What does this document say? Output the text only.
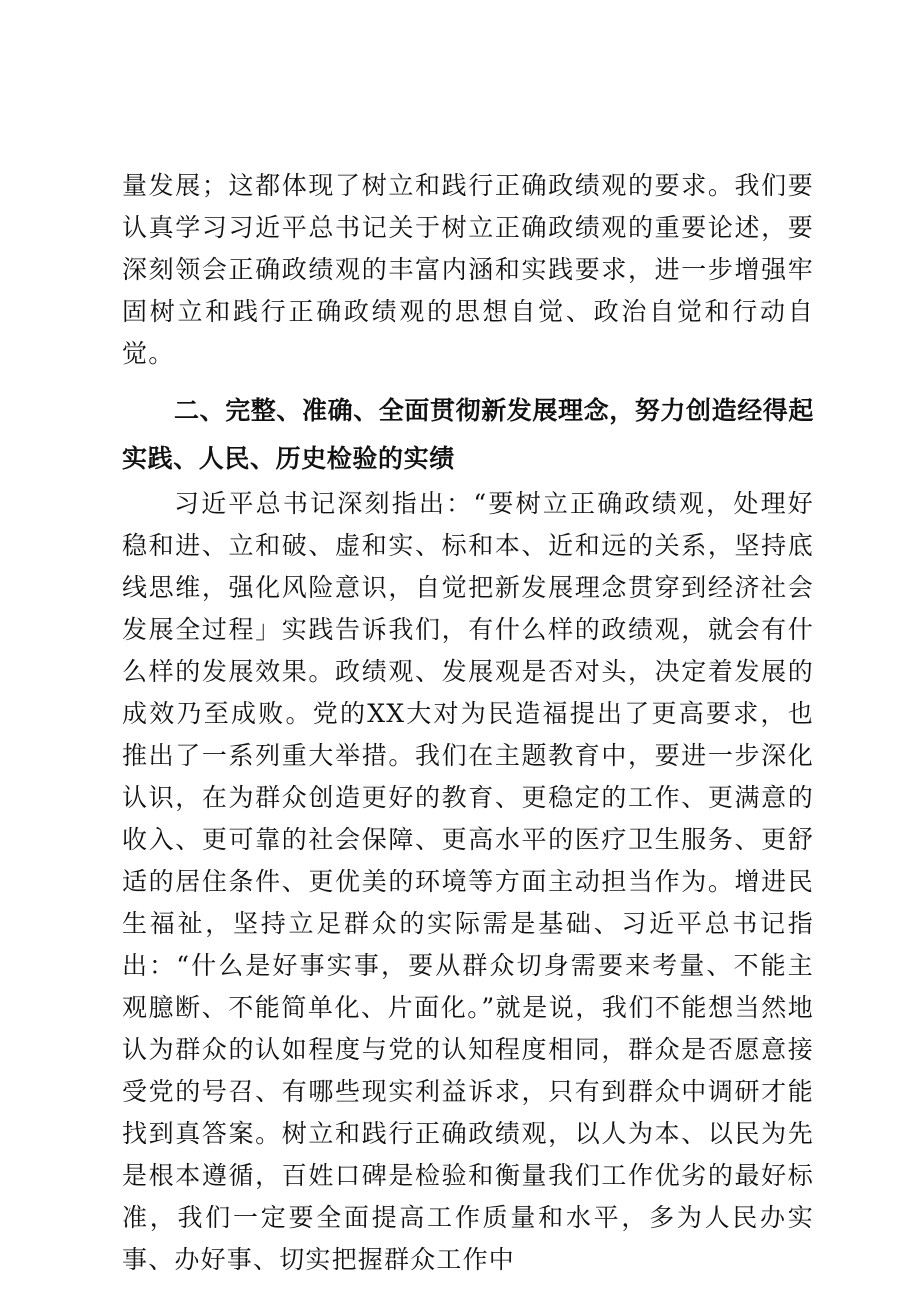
量发展；这都体现了树立和践行正确政绩观的要求。我们要认真学习习近平总书记关于树立正确政绩观的重要论述，要深刻领会正确政绩观的丰富内涵和实践要求，进一步增强牢固树立和践行正确政绩观的思想自觉、政治自觉和行动自觉。

二、完整、准确、全面贯彻新发展理念，努力创造经得起实践、人民、历史检验的实绩

习近平总书记深刻指出：“要树立正确政绩观，处理好稳和进、立和破、虚和实、标和本、近和远的关系，坚持底线思维，强化风险意识，自觉把新发展理念贯穿到经济社会发展全过程」实践告诉我们，有什么样的政绩观，就会有什么样的发展效果。政绩观、发展观是否对头，决定着发展的成效乃至成败。党的XX大对为民造福提出了更高要求，也推出了一系列重大举措。我们在主题教育中，要进一步深化认识，在为群众创造更好的教育、更稳定的工作、更满意的收入、更可靠的社会保障、更高水平的医疗卫生服务、更舒适的居住条件、更优美的环境等方面主动担当作为。增进民生福祉，坚持立足群众的实际需是基础、习近平总书记指出：“什么是好事实事，要从群众切身需要来考量、不能主观臆断、不能简单化、片面化。”就是说，我们不能想当然地认为群众的认如程度与党的认知程度相同，群众是否愿意接受党的号召、有哪些现实利益诉求，只有到群众中调研才能找到真答案。树立和践行正确政绩观，以人为本、以民为先是根本遵循，百姓口碑是检验和衡量我们工作优劣的最好标准，我们一定要全面提高工作质量和水平，多为人民办实事、办好事、切实把握群众工作中
